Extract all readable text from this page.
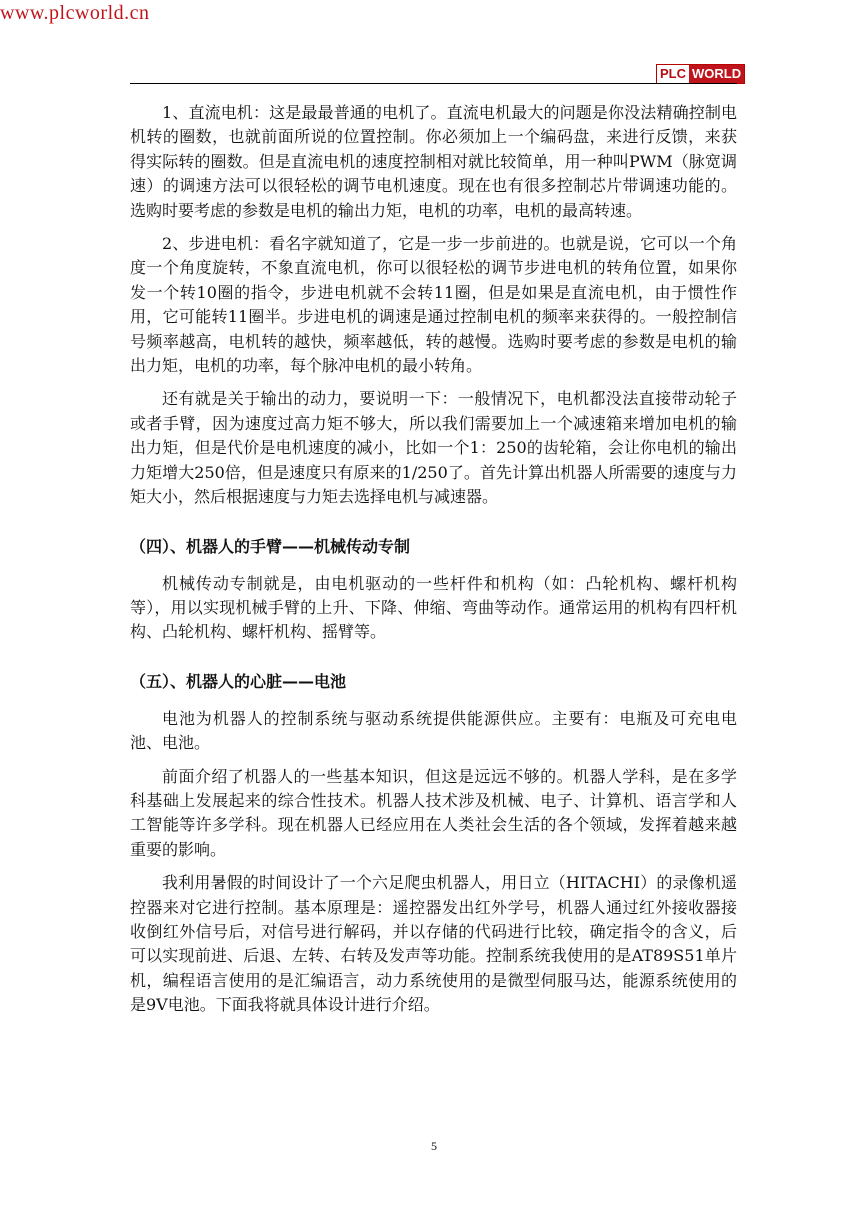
www.plcworld.cn
PLC WORLD

1、直流电机：这是最最普通的电机了。直流电机最大的问题是你没法精确控制电机转的圈数，也就前面所说的位置控制。你必须加上一个编码盘，来进行反馈，来获得实际转的圈数。但是直流电机的速度控制相对就比较简单，用一种叫PWM（脉宽调速）的调速方法可以很轻松的调节电机速度。现在也有很多控制芯片带调速功能的。选购时要考虑的参数是电机的输出力矩，电机的功率，电机的最高转速。

2、步进电机：看名字就知道了，它是一步一步前进的。也就是说，它可以一个角度一个角度旋转，不象直流电机，你可以很轻松的调节步进电机的转角位置，如果你发一个转10圈的指令，步进电机就不会转11圈，但是如果是直流电机，由于惯性作用，它可能转11圈半。步进电机的调速是通过控制电机的频率来获得的。一般控制信号频率越高，电机转的越快，频率越低，转的越慢。选购时要考虑的参数是电机的输出力矩，电机的功率，每个脉冲电机的最小转角。

还有就是关于输出的动力，要说明一下：一般情况下，电机都没法直接带动轮子或者手臂，因为速度过高力矩不够大，所以我们需要加上一个减速箱来增加电机的输出力矩，但是代价是电机速度的减小，比如一个1：250的齿轮箱，会让你电机的输出力矩增大250倍，但是速度只有原来的1/250了。首先计算出机器人所需要的速度与力矩大小，然后根据速度与力矩去选择电机与减速器。

（四）、机器人的手臂——机械传动专制

机械传动专制就是，由电机驱动的一些杆件和机构（如：凸轮机构、螺杆机构等），用以实现机械手臂的上升、下降、伸缩、弯曲等动作。通常运用的机构有四杆机构、凸轮机构、螺杆机构、摇臂等。

（五）、机器人的心脏——电池

电池为机器人的控制系统与驱动系统提供能源供应。主要有：电瓶及可充电电池、电池。

前面介绍了机器人的一些基本知识，但这是远远不够的。机器人学科，是在多学科基础上发展起来的综合性技术。机器人技术涉及机械、电子、计算机、语言学和人工智能等许多学科。现在机器人已经应用在人类社会生活的各个领域，发挥着越来越重要的影响。

我利用暑假的时间设计了一个六足爬虫机器人，用日立（HITACHI）的录像机遥控器来对它进行控制。基本原理是：遥控器发出红外学号，机器人通过红外接收器接收倒红外信号后，对信号进行解码，并以存储的代码进行比较，确定指令的含义，后可以实现前进、后退、左转、右转及发声等功能。控制系统我使用的是AT89S51单片机，编程语言使用的是汇编语言，动力系统使用的是微型伺服马达，能源系统使用的是9V电池。下面我将就具体设计进行介绍。

5
